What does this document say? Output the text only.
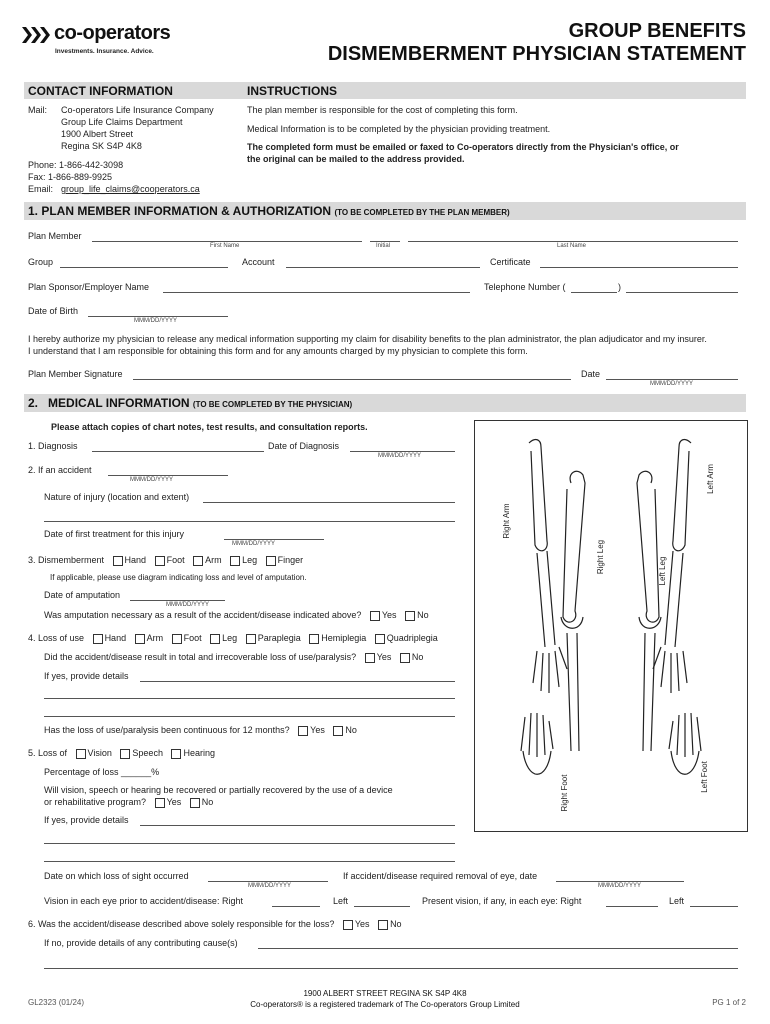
co-operators
Investments. Insurance. Advice.
GROUP BENEFITS
DISMEMBERMENT PHYSICIAN STATEMENT
CONTACT INFORMATION	INSTRUCTIONS
Mail: Co-operators Life Insurance Company
Group Life Claims Department
1900 Albert Street
Regina SK S4P 4K8
Phone: 1-866-442-3098
Fax: 1-866-889-9925
Email: group_life_claims@cooperators.ca
The plan member is responsible for the cost of completing this form.
Medical Information is to be completed by the physician providing treatment.
The completed form must be emailed or faxed to Co-operators directly from the Physician's office, or
the original can be mailed to the address provided.
1. PLAN MEMBER INFORMATION & AUTHORIZATION (TO BE COMPLETED BY THE PLAN MEMBER)
Plan Member
First Name	Initial	Last Name
Group	Account	Certificate
Plan Sponsor/Employer Name	Telephone Number (	)
Date of Birth
MMM/DD/YYYY
I hereby authorize my physician to release any medical information supporting my claim for disability benefits to the plan administrator, the plan adjudicator and my insurer.
I understand that I am responsible for obtaining this form and for any amounts charged by my physician to complete this form.
Plan Member Signature	Date
MMM/DD/YYYY
2. MEDICAL INFORMATION (TO BE COMPLETED BY THE PHYSICIAN)
Please attach copies of chart notes, test results, and consultation reports.
1. Diagnosis	Date of Diagnosis
MMM/DD/YYYY
2. If an accident
MMM/DD/YYYY
Nature of injury (location and extent)
Date of first treatment for this injury
MMM/DD/YYYY
3. Dismemberment Hand Foot Arm Leg Finger
If applicable, please use diagram indicating loss and level of amputation.
Date of amputation
MMM/DD/YYYY
Was amputation necessary as a result of the accident/disease indicated above? Yes No
4. Loss of use Hand Arm Foot Leg Paraplegia Hemiplegia Quadriplegia
Did the accident/disease result in total and irrecoverable loss of use/paralysis? Yes No
If yes, provide details
Has the loss of use/paralysis been continuous for 12 months? Yes No
5. Loss of Vision Speech Hearing
Percentage of loss ______%
Will vision, speech or hearing be recovered or partially recovered by the use of a device
or rehabilitative program? Yes No
If yes, provide details
Date on which loss of sight occurred
MMM/DD/YYYY
If accident/disease required removal of eye, date
MMM/DD/YYYY
Vision in each eye prior to accident/disease: Right	Left	Present vision, if any, in each eye: Right	Left
6. Was the accident/disease described above solely responsible for the loss? Yes No
If no, provide details of any contributing cause(s)
Right Arm
Left Arm
Right Leg	Left Leg
Right Foot	Left Foot
GL2323 (01/24)
1900 ALBERT STREET REGINA SK S4P 4K8
Co-operators® is a registered trademark of The Co-operators Group Limited	PG 1 of 2
